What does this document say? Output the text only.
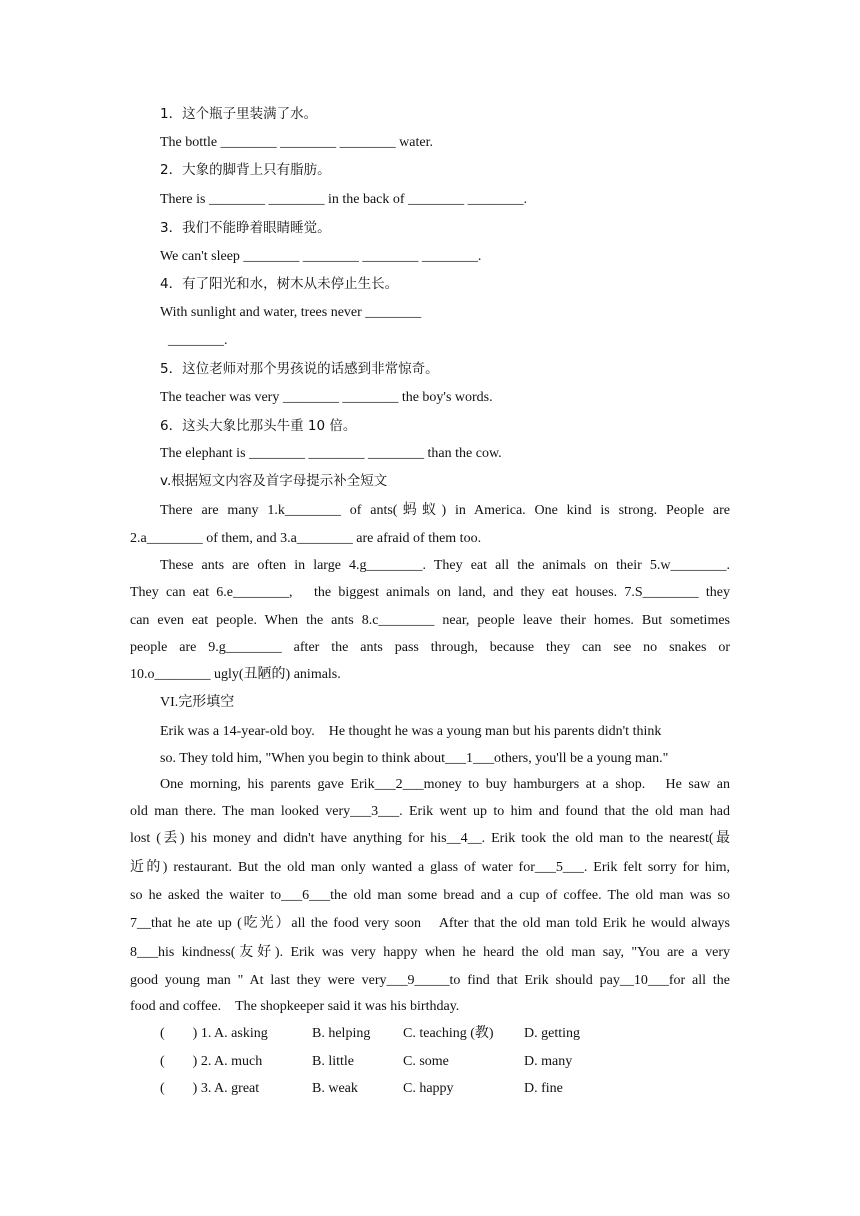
1．这个瓶子里装满了水。
The bottle ________ ________ ________ water.
2．大象的脚背上只有脂肪。
There is ________ ________ in the back of ________ ________.
3．我们不能睁着眼睛睡觉。
We can't sleep ________ ________ ________ ________.
4．有了阳光和水，树木从未停止生长。
With sunlight and water, trees never ________
________.
5．这位老师对那个男孩说的话感到非常惊奇。
The teacher was very ________ ________ the boy's words.
6．这头大象比那头牛重 10 倍。
The elephant is ________ ________ ________ than the cow.
v.根据短文内容及首字母提示补全短文
There are many 1.k________ of ants(蚂蚁) in America. One kind is strong. People are
2.a________ of them, and 3.a________ are afraid of them too.
These ants are often in large 4.g________. They eat all the animals on their 5.w________.
They can eat 6.e________,　the biggest animals on land, and they eat houses. 7.S________ they
can even eat people. When the ants 8.c________ near, people leave their homes. But sometimes
people are 9.g________ after the ants pass through, because they can see no snakes or
10.o________ ugly(丑陋的) animals.
VI.完形填空
Erik was a 14-year-old boy.　He thought he was a young man but his parents didn't think
so. They told him, "When you begin to think about___1___others, you'll be a young man."
One morning, his parents gave Erik___2___money to buy hamburgers at a shop.　He saw an
old man there. The man looked very___3___. Erik went up to him and found that the old man had
lost (丢) his money and didn't have anything for his__4__. Erik took the old man to the nearest(最
近的) restaurant. But the old man only wanted a glass of water for___5___. Erik felt sorry for him,
so he asked the waiter to___6___the old man some bread and a cup of coffee. The old man was so
7__that he ate up (吃光）all the food very soon　After that the old man told Erik he would always
8___his kindness(友好). Erik was very happy when he heard the old man say, "You are a very
good young man " At last they were very___9_____to find that Erik should pay__10___for all the
food and coffee.　The shopkeeper said it was his birthday.
(　　) 1. A. asking	B. helping C. teaching (教) D. getting
(　　) 2. A. much	B. little	C. some	D. many
(　　) 3. A. great	B. weak	C. happy	D. fine
